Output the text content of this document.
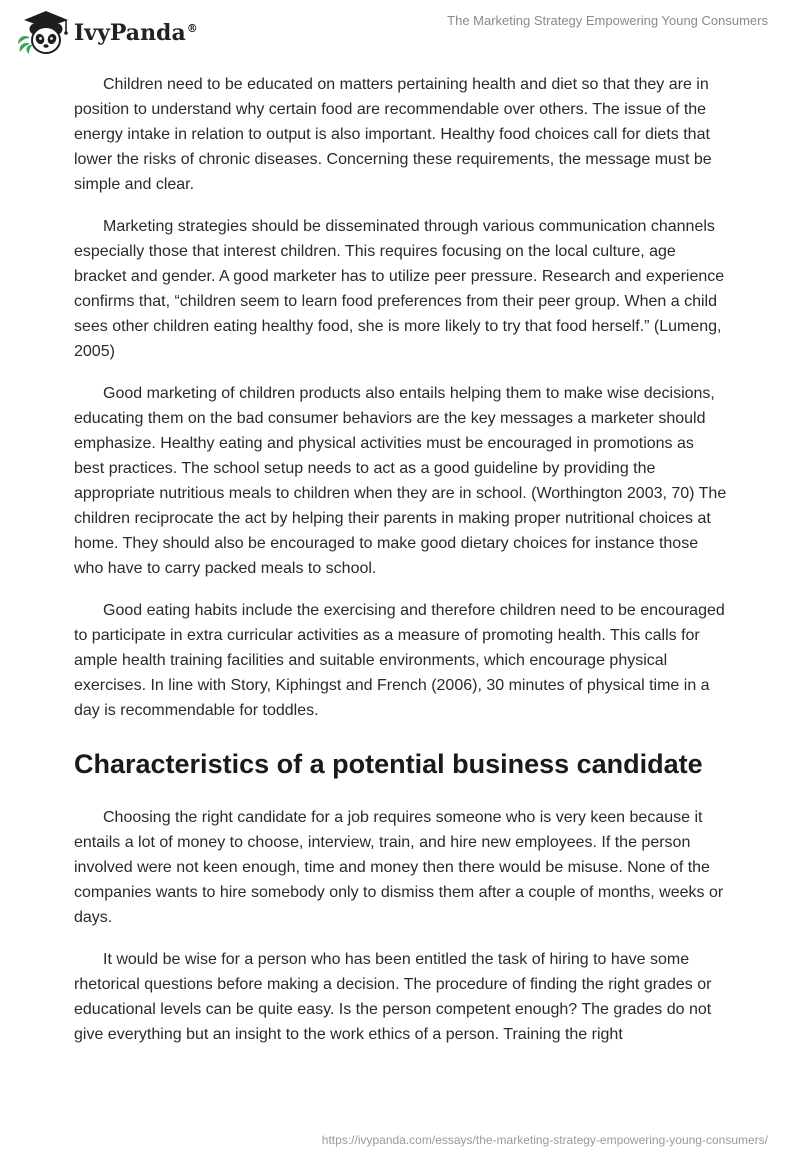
IvyPanda®
The Marketing Strategy Empowering Young Consumers

Children need to be educated on matters pertaining health and diet so that they are in position to understand why certain food are recommendable over others. The issue of the energy intake in relation to output is also important. Healthy food choices call for diets that lower the risks of chronic diseases. Concerning these requirements, the message must be simple and clear.

Marketing strategies should be disseminated through various communication channels especially those that interest children. This requires focusing on the local culture, age bracket and gender. A good marketer has to utilize peer pressure. Research and experience confirms that, “children seem to learn food preferences from their peer group. When a child sees other children eating healthy food, she is more likely to try that food herself.” (Lumeng, 2005)

Good marketing of children products also entails helping them to make wise decisions, educating them on the bad consumer behaviors are the key messages a marketer should emphasize. Healthy eating and physical activities must be encouraged in promotions as best practices. The school setup needs to act as a good guideline by providing the appropriate nutritious meals to children when they are in school. (Worthington 2003, 70) The children reciprocate the act by helping their parents in making proper nutritional choices at home. They should also be encouraged to make good dietary choices for instance those who have to carry packed meals to school.

Good eating habits include the exercising and therefore children need to be encouraged to participate in extra curricular activities as a measure of promoting health. This calls for ample health training facilities and suitable environments, which encourage physical exercises. In line with Story, Kiphingst and French (2006), 30 minutes of physical time in a day is recommendable for toddles.

Characteristics of a potential business candidate

Choosing the right candidate for a job requires someone who is very keen because it entails a lot of money to choose, interview, train, and hire new employees. If the person involved were not keen enough, time and money then there would be misuse. None of the companies wants to hire somebody only to dismiss them after a couple of months, weeks or days.

It would be wise for a person who has been entitled the task of hiring to have some rhetorical questions before making a decision. The procedure of finding the right grades or educational levels can be quite easy. Is the person competent enough? The grades do not give everything but an insight to the work ethics of a person. Training the right

https://ivypanda.com/essays/the-marketing-strategy-empowering-young-consumers/
